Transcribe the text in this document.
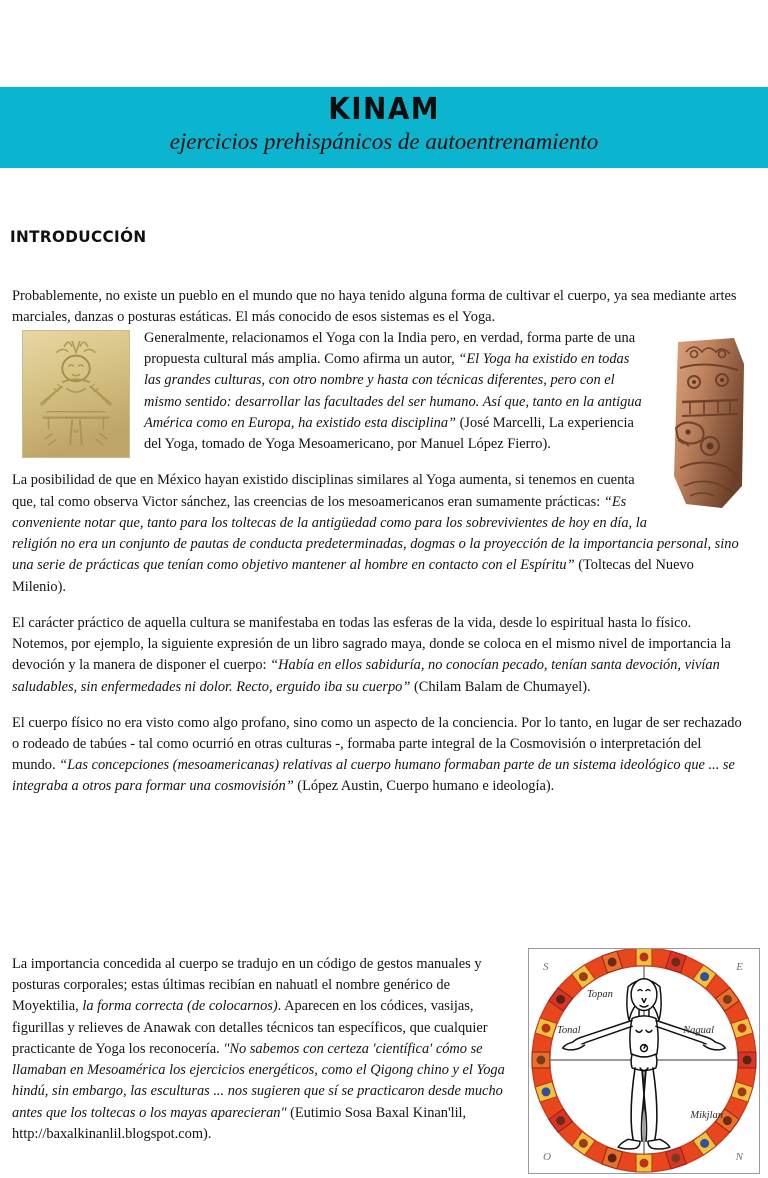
KINAM
ejercicios prehispánicos de autoentrenamiento
INTRODUCCIÓN

Probablemente, no existe un pueblo en el mundo que no haya tenido alguna forma de cultivar el cuerpo, ya sea mediante artes marciales, danzas o posturas estáticas. El más conocido de esos sistemas es el Yoga.

Generalmente, relacionamos el Yoga con la India pero, en verdad, forma parte de una propuesta cultural más amplia. Como afirma un autor, “El Yoga ha existido en todas las grandes culturas, con otro nombre y hasta con técnicas diferentes, pero con el mismo sentido: desarrollar las facultades del ser humano. Así que, tanto en la antigua América como en Europa, ha existido esta disciplina” (José Marcelli, La experiencia del Yoga, tomado de Yoga Mesoamericano, por Manuel López Fierro).

La posibilidad de que en México hayan existido disciplinas similares al Yoga aumenta, si tenemos en cuenta que, tal como observa Victor sánchez, las creencias de los mesoamericanos eran sumamente prácticas: “Es conveniente notar que, tanto para los toltecas de la antigüedad como para los sobrevivientes de hoy en día, la religión no era un conjunto de pautas de conducta predeterminadas, dogmas o la proyección de la importancia personal, sino una serie de prácticas que tenían como objetivo mantener al hombre en contacto con el Espíritu” (Toltecas del Nuevo Milenio).

El carácter práctico de aquella cultura se manifestaba en todas las esferas de la vida, desde lo espiritual hasta lo físico. Notemos, por ejemplo, la siguiente expresión de un libro sagrado maya, donde se coloca en el mismo nivel de importancia la devoción y la manera de disponer el cuerpo: “Había en ellos sabiduría, no conocían pecado, tenían santa devoción, vivían saludables, sin enfermedades ni dolor. Recto, erguido iba su cuerpo” (Chilam Balam de Chumayel).

El cuerpo físico no era visto como algo profano, sino como un aspecto de la conciencia. Por lo tanto, en lugar de ser rechazado o rodeado de tabúes - tal como ocurrió en otras culturas -, formaba parte integral de la Cosmovisión o interpretación del mundo. “Las concepciones (mesoamericanas) relativas al cuerpo humano formaban parte de un sistema ideológico que ... se integraba a otros para formar una cosmovisión” (López Austin, Cuerpo humano e ideología).

S	E
O	N
Topan
Tonal	Nagual
Mikjlan

La importancia concedida al cuerpo se tradujo en un código de gestos manuales y posturas corporales; estas últimas recibían en nahuatl el nombre genérico de Moyektilia, la forma correcta (de colocarnos). Aparecen en los códices, vasijas, figurillas y relieves de Anawak con detalles técnicos tan específicos, que cualquier practicante de Yoga los reconocería. "No sabemos con certeza 'científica' cómo se llamaban en Mesoamérica los ejercicios energéticos, como el Qigong chino y el Yoga hindú, sin embargo, las esculturas ... nos sugieren que sí se practicaron desde mucho antes que los toltecas o los mayas aparecieran" (Eutimio Sosa Baxal Kinan'lil, http://baxalkinanlil.blogspot.com).
